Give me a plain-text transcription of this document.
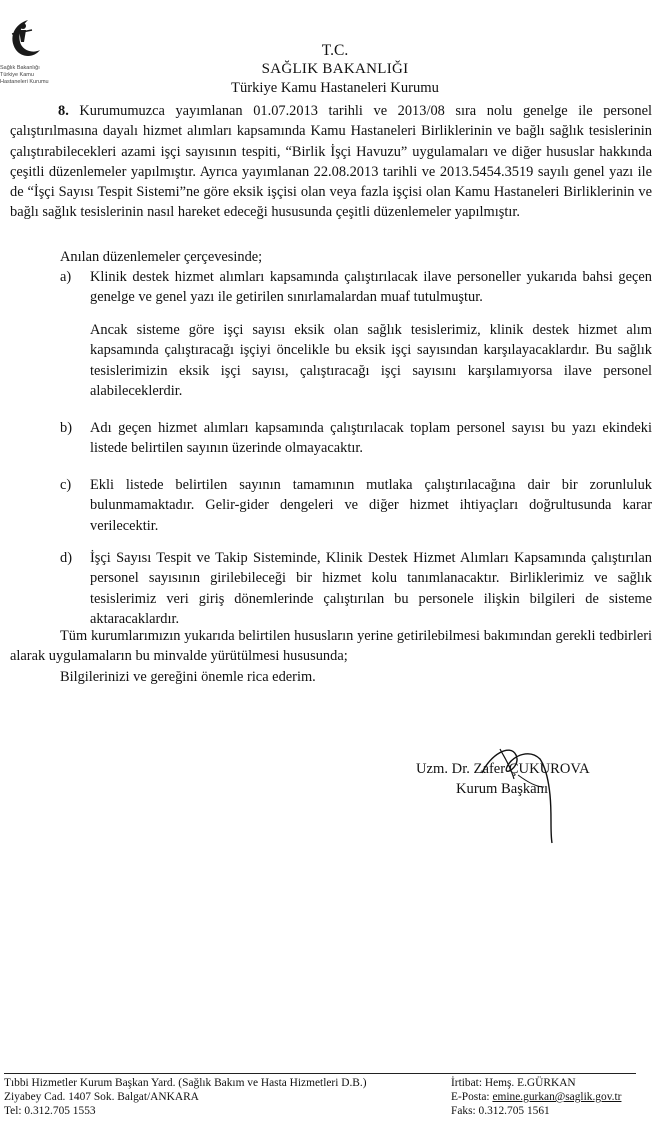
Sağlık Bakanlığı
Türkiye Kamu
Hastaneleri Kurumu
T.C.
SAĞLIK BAKANLIĞI
Türkiye Kamu Hastaneleri Kurumu
8. Kurumumuzca yayımlanan 01.07.2013 tarihli ve 2013/08 sıra nolu genelge ile personel çalıştırılmasına dayalı hizmet alımları kapsamında Kamu Hastaneleri Birliklerinin ve bağlı sağlık tesislerinin çalıştırabilecekleri azami işçi sayısının tespiti, “Birlik İşçi Havuzu” uygulamaları ve diğer hususlar hakkında çeşitli düzenlemeler yapılmıştır. Ayrıca yayımlanan 22.08.2013 tarihli ve 2013.5454.3519 sayılı genel yazı ile de “İşçi Sayısı Tespit Sistemi”ne göre eksik işçisi olan veya fazla işçisi olan Kamu Hastaneleri Birliklerinin ve bağlı sağlık tesislerinin nasıl hareket edeceği hususunda çeşitli düzenlemeler yapılmıştır.
Anılan düzenlemeler çerçevesinde;
a) Klinik destek hizmet alımları kapsamında çalıştırılacak ilave personeller yukarıda bahsi geçen genelge ve genel yazı ile getirilen sınırlamalardan muaf tutulmuştur.
Ancak sisteme göre işçi sayısı eksik olan sağlık tesislerimiz, klinik destek hizmet alım kapsamında çalıştıracağı işçiyi öncelikle bu eksik işçi sayısından karşılayacaklardır. Bu sağlık tesislerimizin eksik işçi sayısı, çalıştıracağı işçi sayısını karşılamıyorsa ilave personel alabileceklerdir.
b) Adı geçen hizmet alımları kapsamında çalıştırılacak toplam personel sayısı bu yazı ekindeki listede belirtilen sayının üzerinde olmayacaktır.
c) Ekli listede belirtilen sayının tamamının mutlaka çalıştırılacağına dair bir zorunluluk bulunmamaktadır. Gelir-gider dengeleri ve diğer hizmet ihtiyaçları doğrultusunda karar verilecektir.
d) İşçi Sayısı Tespit ve Takip Sisteminde, Klinik Destek Hizmet Alımları Kapsamında çalıştırılan personel sayısının girilebileceği bir hizmet kolu tanımlanacaktır. Birliklerimiz ve sağlık tesislerimiz veri giriş dönemlerinde çalıştırılan bu personele ilişkin bilgileri de sisteme aktaracaklardır.
Tüm kurumlarımızın yukarıda belirtilen hususların yerine getirilebilmesi bakımından gerekli tedbirleri alarak uygulamaların bu minvalde yürütülmesi hususunda;
Bilgilerinizi ve gereğini önemle rica ederim.
Uzm. Dr. Zafer ÇUKUROVA
Kurum Başkanı
Tıbbi Hizmetler Kurum Başkan Yard. (Sağlık Bakım ve Hasta Hizmetleri D.B.)
Ziyabey Cad. 1407 Sok. Balgat/ANKARA
Tel: 0.312.705 1553
İrtibat: Hemş. E.GÜRKAN
E-Posta: emine.gurkan@saglik.gov.tr
Faks: 0.312.705 1561
